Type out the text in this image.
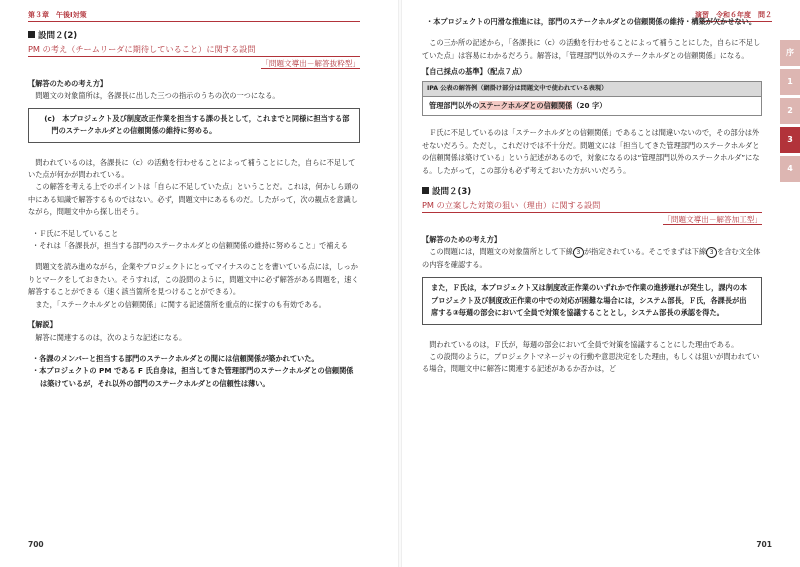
第３章　午後Ⅰ対策
設問２(2)
PM の考え（チームリーダに期待していること）に関する設問
「問題文導出－解答抜粋型」

【解答のための考え方】

問題文の対象箇所は，各課長に出した三つの指示のうちの次の一つになる。

(c)　本プロジェクト及び制度改正作業を担当する課の長として，これまでと同様に担当する部門のステークホルダとの信頼関係の維持に努める。

問われているのは，各課長に（c）の活動を行わせることによって補うことにした，自らに不足していた点が何かが問われている。

この解答を考える上でのポイントは「自らに不足していた点」ということだ。これは，何かしら頭の中にある知識で解答するものではない。必ず，問題文中にあるものだ。したがって，次の観点を意識しながら，問題文中から探し出そう。

・Ｆ氏に不足していること

・それは「各課長が，担当する部門のステークホルダとの信頼関係の維持に努めること」で補える

問題文を読み進めながら，企業やプロジェクトにとってマイナスのことを書いている点には，しっかりとマークをしておきたい。そうすれば，この設問のように，問題文中に必ず解答がある問題を，速く解答することができる（速く該当箇所を見つけることができる）。

また，「ステークホルダとの信頼関係」に関する記述箇所を重点的に探すのも有効である。

【解説】

解答に関連するのは，次のような記述になる。

・各課のメンバーと担当する部門のステークホルダとの間には信頼関係が築かれていた。

・本プロジェクトの PM である F 氏自身は，担当してきた管理部門のステークホルダとの信頼関係は築けているが，それ以外の部門のステークホルダとの信頼性は薄い。

700
演習　令和６年度　問２

・本プロジェクトの円滑な推進には，部門のステークホルダとの信頼関係の維持・構築が欠かせない。

この三か所の記述から，「各課長に（c）の活動を行わせることによって補うことにした，自らに不足していた点」は容易にわかるだろう。解答は，「管理部門以外のステークホルダとの信頼関係」になる。

【自己採点の基準】（配点７点）

IPA 公表の解答例（網掛け部分は問題文中で使われている表現）
管理部門以外のステークホルダとの信頼関係（20 字）

Ｆ氏に不足しているのは「ステークホルダとの信頼関係」であることは間違いないので，その部分は外せないだろう。ただし，これだけでは不十分だ。問題文には「担当してきた管理部門のステークホルダとの信頼関係は築けている」という記述があるので，対象になるのは“管理部門以外のステークホルダ”になる。したがって，この部分も必ず考えておいた方がいいだろう。

設問２(3)
PM の立案した対策の狙い（理由）に関する設問
「問題文導出－解答加工型」

【解答のための考え方】

この問題には，問題文の対象箇所として下線 3 が指定されている。そこでまずは下線 3 を含む文全体の内容を確認する。

また，Ｆ氏は，本プロジェクト又は制度改正作業のいずれかで作業の進捗遅れが発生し，課内の本プロジェクト及び制度改正作業の中での対応が困難な場合には，システム部長，Ｆ氏，各課長が出席する③毎週の部会において全員で対策を協議することとし，システム部長の承認を得た。

問われているのは，Ｆ氏が，毎週の部会において全員で対策を協議することにした理由である。

この設問のように，プロジェクトマネージャの行動や意思決定をした理由，もしくは狙いが問われている場合，問題文中に解答に関連する記述があるか否かは，ど

序
1
2
3
4
701
